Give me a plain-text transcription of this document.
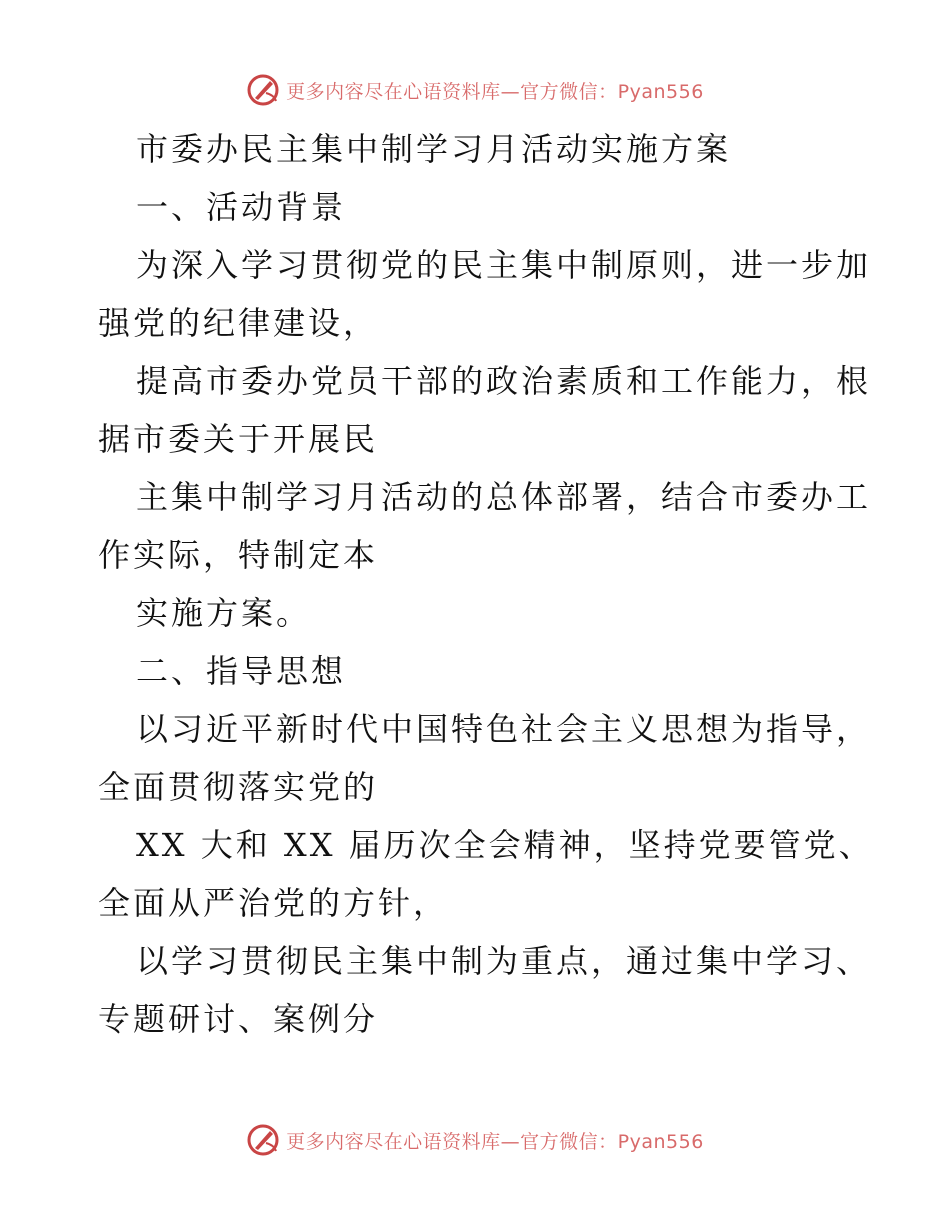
更多内容尽在心语资料库—官方微信：Pyan556
市委办民主集中制学习月活动实施方案
一、活动背景
为深入学习贯彻党的民主集中制原则，进一步加
强党的纪律建设，
提高市委办党员干部的政治素质和工作能力，根
据市委关于开展民
主集中制学习月活动的总体部署，结合市委办工
作实际，特制定本
实施方案。
二、指导思想
以习近平新时代中国特色社会主义思想为指导，
全面贯彻落实党的
XX 大和 XX 届历次全会精神，坚持党要管党、
全面从严治党的方针，
以学习贯彻民主集中制为重点，通过集中学习、
专题研讨、案例分
更多内容尽在心语资料库—官方微信：Pyan556
